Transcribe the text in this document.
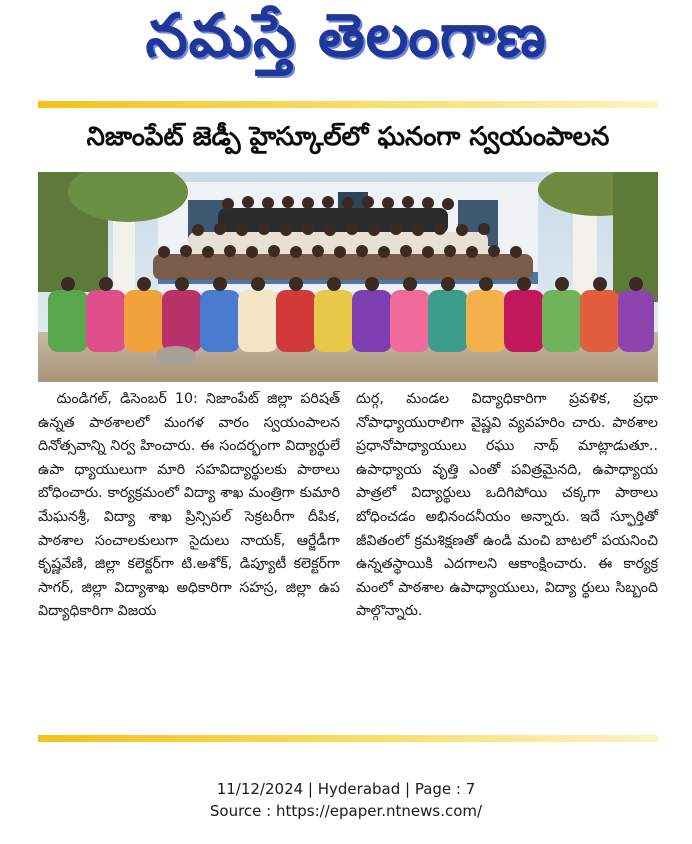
నమస్తే తెలంగాణ
నిజాంపేట్ జెడ్పీ హైస్కూల్‌లో ఘనంగా స్వయంపాలన
దుండిగల్, డిసెంబర్ 10: నిజాంపేట్ జిల్లా పరిషత్ ఉన్నత పాఠశాలలో మంగళ వారం స్వయంపాలన దినోత్సవాన్ని నిర్వ హించారు. ఈ సందర్భంగా విద్యార్థులే ఉపా ధ్యాయులుగా మారి సహవిద్యార్థులకు పాఠాలు బోధించారు. కార్యక్రమంలో విద్యా శాఖ మంత్రిగా కుమారి మేఘనశ్రీ, విద్యా శాఖ ప్రిన్సిపల్ సెక్రటరీగా దీపిక, పాఠశాల సంచాలకులుగా సైదులు నాయక్, ఆర్జేడీగా కృష్ణవేణి, జిల్లా కలెక్టర్‌గా టి.అశోక్, డిప్యూటీ కలెక్టర్‌గా సాగర్, జిల్లా విద్యాశాఖ అధికారిగా సహస్ర, జిల్లా ఉప విద్యాధికారిగా విజయ
దుర్గ, మండల విద్యాధికారిగా ప్రవళిక, ప్రధా నోపాధ్యాయురాలిగా వైష్ణవి వ్యవహరిం చారు. పాఠశాల ప్రధానోపాధ్యాయులు రఘు నాథ్ మాట్లాడుతూ.. ఉపాధ్యాయ వృత్తి ఎంతో పవిత్రమైనది, ఉపాధ్యాయ పాత్రలో విద్యార్థులు ఒదిగిపోయి చక్కగా పాఠాలు బోధించడం అభినందనీయం అన్నారు. ఇదే స్ఫూర్తితో జీవితంలో క్రమశిక్షణతో ఉండి మంచి బాటలో పయనించి ఉన్నతస్థాయికి ఎదగాలని ఆకాంక్షించారు. ఈ కార్యక్ర మంలో పాఠశాల ఉపాధ్యాయులు, విద్యా ర్థులు సిబ్బంది పాల్గొన్నారు.
11/12/2024 | Hyderabad | Page : 7
Source : https://epaper.ntnews.com/
